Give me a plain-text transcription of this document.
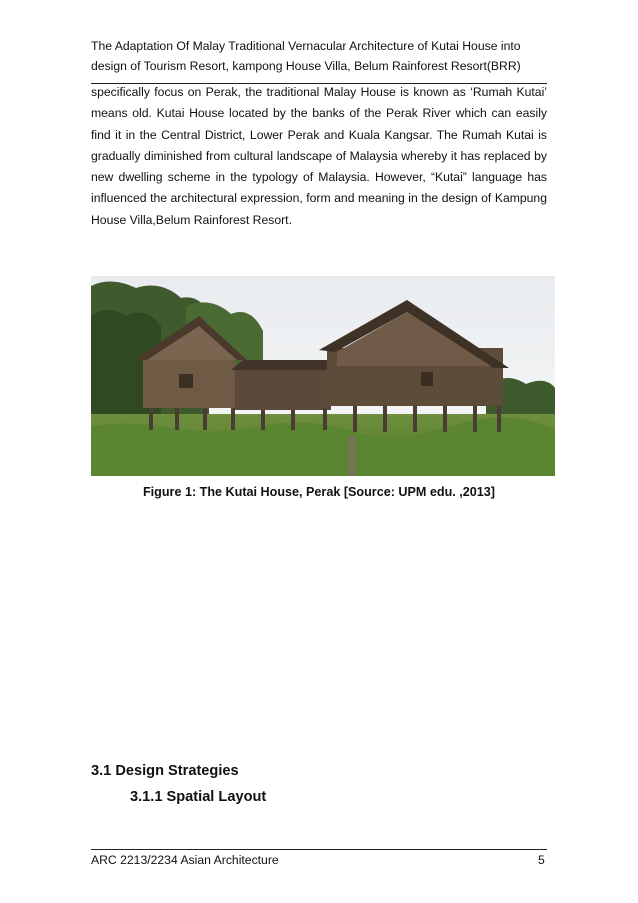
The Adaptation Of Malay Traditional Vernacular Architecture of Kutai House into
design of Tourism Resort, kampong House Villa, Belum Rainforest Resort(BRR)

specifically focus on Perak, the traditional Malay House is known as ‘Rumah Kutai’ means old. Kutai House located by the banks of the Perak River which can easily find it in the Central District, Lower Perak and Kuala Kangsar. The Rumah Kutai is gradually diminished from cultural landscape of Malaysia whereby it has replaced by new dwelling scheme in the typology of Malaysia. However, “Kutai” language has influenced the architectural expression, form and meaning in the design of Kampung House Villa,Belum Rainforest Resort.

Figure 1: The Kutai House, Perak [Source: UPM edu. ,2013]
3.1 Design Strategies
3.1.1 Spatial Layout
ARC 2213/2234 Asian Architecture	5
